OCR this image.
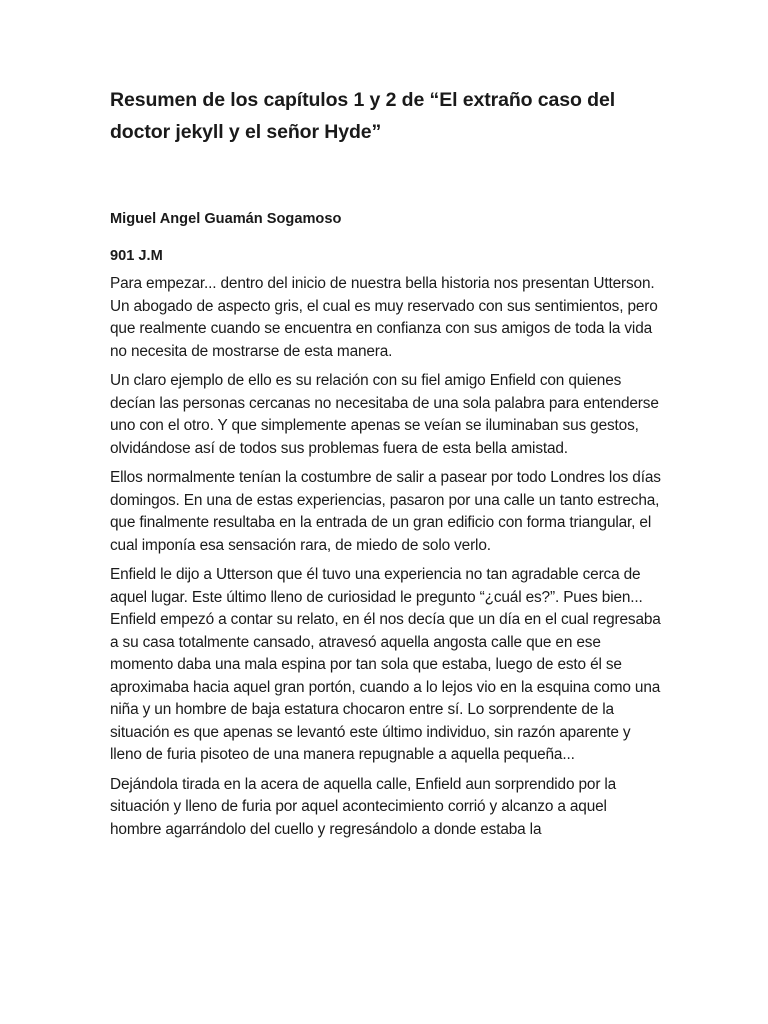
Resumen de los capítulos 1 y 2 de “El extraño caso del doctor jekyll y el señor Hyde”

Miguel Angel Guamán Sogamoso

901 J.M

Para empezar... dentro del inicio de nuestra bella historia nos presentan Utterson. Un abogado de aspecto gris, el cual es muy reservado con sus sentimientos, pero que realmente cuando se encuentra en confianza con sus amigos de toda la vida no necesita de mostrarse de esta manera.

Un claro ejemplo de ello es su relación con su fiel amigo Enfield con quienes decían las personas cercanas no necesitaba de una sola palabra para entenderse uno con el otro. Y que simplemente apenas se veían se iluminaban sus gestos, olvidándose así de todos sus problemas fuera de esta bella amistad.

Ellos normalmente tenían la costumbre de salir a pasear por todo Londres los días domingos. En una de estas experiencias, pasaron por una calle un tanto estrecha, que finalmente resultaba en la entrada de un gran edificio con forma triangular, el cual imponía esa sensación rara, de miedo de solo verlo.

Enfield le dijo a Utterson que él tuvo una experiencia no tan agradable cerca de aquel lugar. Este último lleno de curiosidad le pregunto “¿cuál es?”. Pues bien... Enfield empezó a contar su relato, en él nos decía que un día en el cual regresaba a su casa totalmente cansado, atravesó aquella angosta calle que en ese momento daba una mala espina por tan sola que estaba, luego de esto él se aproximaba hacia aquel gran portón, cuando a lo lejos vio en la esquina como una niña y un hombre de baja estatura chocaron entre sí. Lo sorprendente de la situación es que apenas se levantó este último individuo, sin razón aparente y lleno de furia pisoteo de una manera repugnable a aquella pequeña...

Dejándola tirada en la acera de aquella calle, Enfield aun sorprendido por la situación y lleno de furia por aquel acontecimiento corrió y alcanzo a aquel hombre agarrándolo del cuello y regresándolo a donde estaba la
